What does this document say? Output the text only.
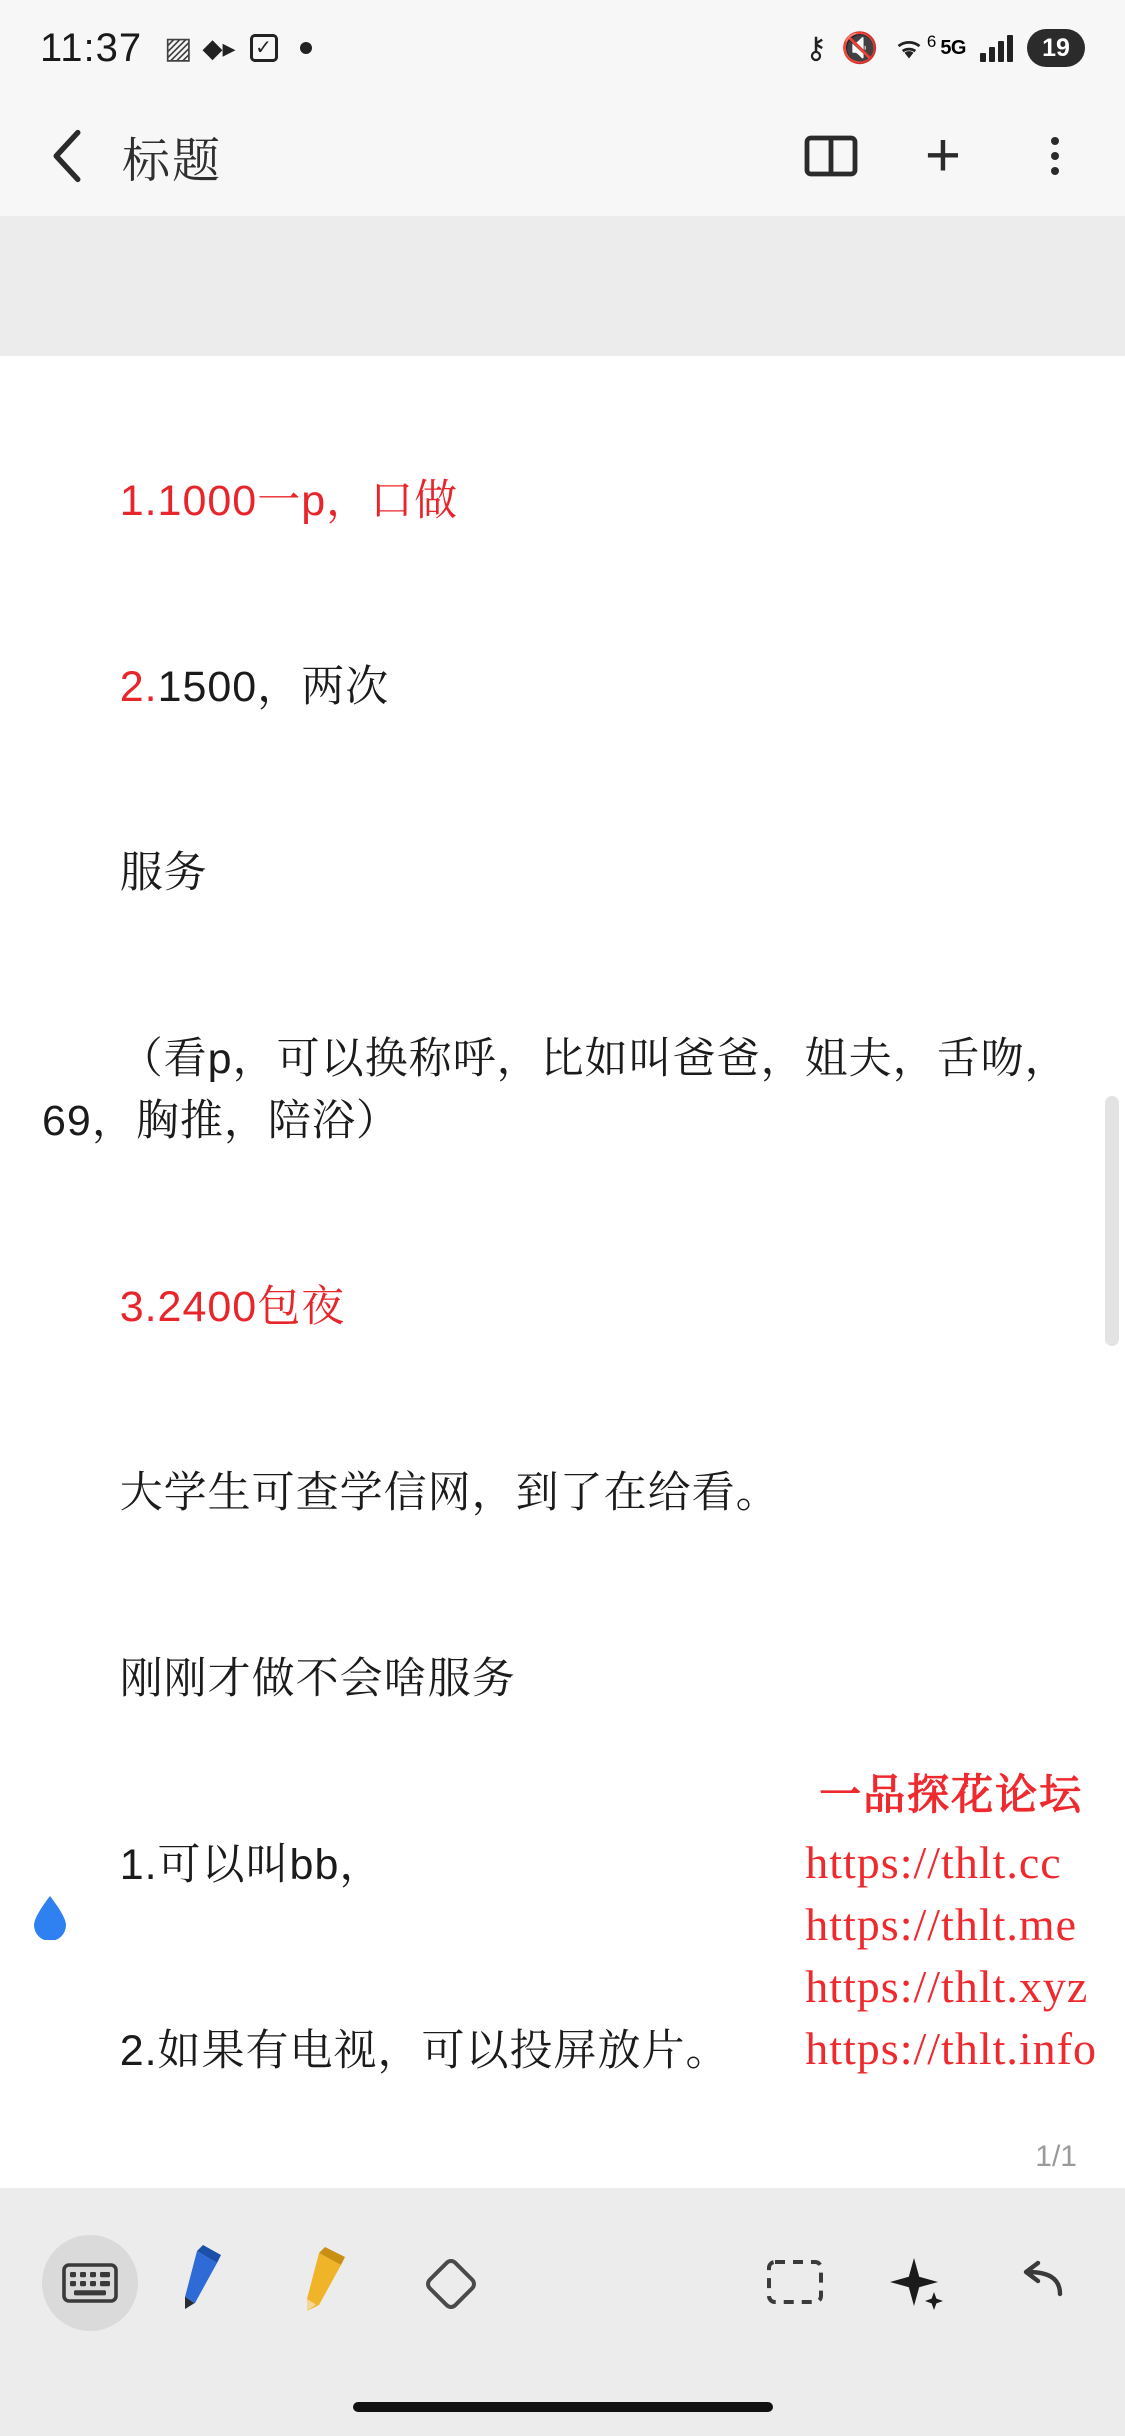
11:37 ▨ ◆▸ ✓	⚷ 🔇	6 5G	19
标题	+

1.1000一p，口做

2.1500，两次

服务

（看p，可以换称呼，比如叫爸爸，姐夫，舌吻，69，胸推，陪浴）

3.2400包夜

大学生可查学信网，到了在给看。

刚刚才做不会啥服务

1.可以叫bb，

2.如果有电视，可以投屏放片。

1/1
一品探花论坛
https://thlt.cc
https://thlt.me
https://thlt.xyz
https://thlt.info
